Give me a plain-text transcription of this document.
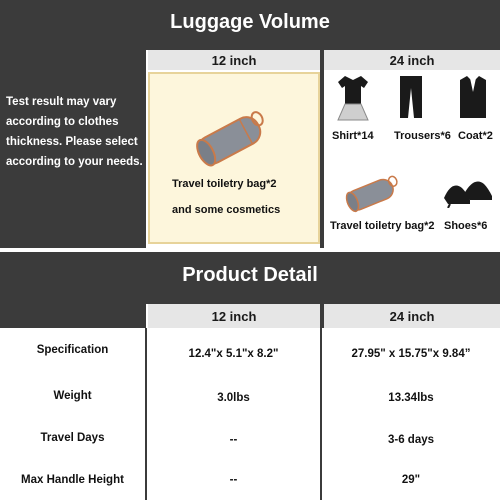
Luggage Volume
12 inch	24 inch
Test result may vary
according to clothes
thickness. Please select
according to your needs.
Travel toiletry bag*2
and some cosmetics
Shirt*14 Trousers*6 Coat*2
Travel toiletry bag*2 Shoes*6
Product Detail
12 inch	24 inch
Specification	12.4"x 5.1"x 8.2"	27.95" x 15.75"x 9.84”
Weight	3.0lbs	13.34lbs
Travel Days	--	3-6 days
Max Handle Height	--	29"
